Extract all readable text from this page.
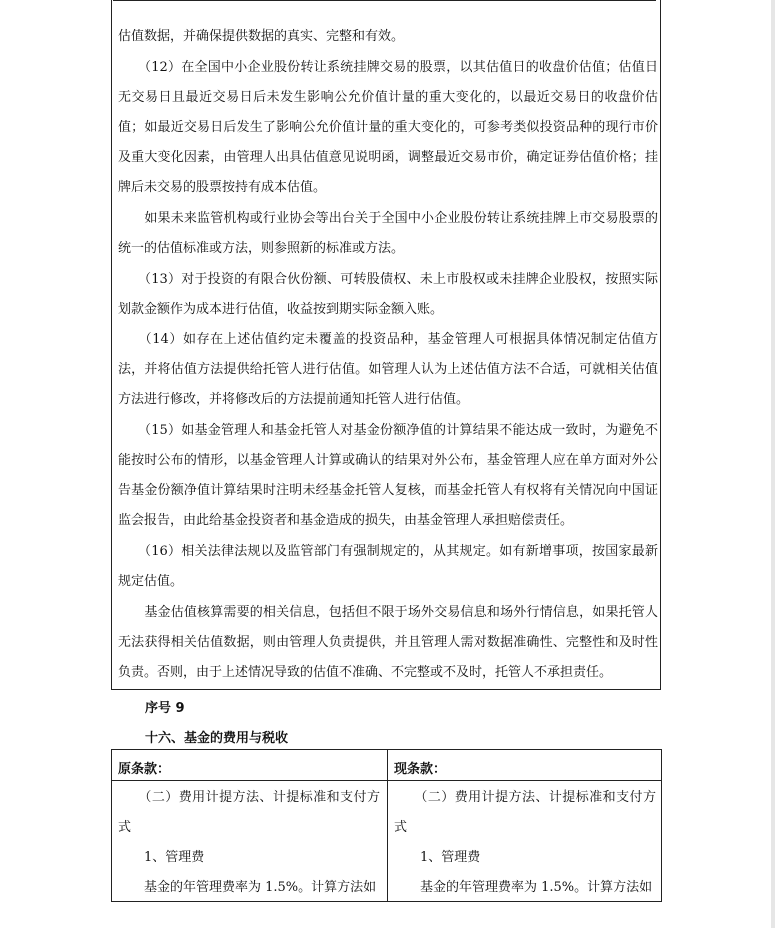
估值数据，并确保提供数据的真实、完整和有效。

　　（12）在全国中小企业股份转让系统挂牌交易的股票，以其估值日的收盘价估值；估值日无交易日且最近交易日后未发生影响公允价值计量的重大变化的，以最近交易日的收盘价估值；如最近交易日后发生了影响公允价值计量的重大变化的，可参考类似投资品种的现行市价及重大变化因素，由管理人出具估值意见说明函，调整最近交易市价，确定证券估值价格；挂牌后未交易的股票按持有成本估值。

　　如果未来监管机构或行业协会等出台关于全国中小企业股份转让系统挂牌上市交易股票的统一的估值标准或方法，则参照新的标准或方法。

　　（13）对于投资的有限合伙份额、可转股债权、未上市股权或未挂牌企业股权，按照实际划款金额作为成本进行估值，收益按到期实际金额入账。

　　（14）如存在上述估值约定未覆盖的投资品种，基金管理人可根据具体情况制定估值方法，并将估值方法提供给托管人进行估值。如管理人认为上述估值方法不合适，可就相关估值方法进行修改，并将修改后的方法提前通知托管人进行估值。

　　（15）如基金管理人和基金托管人对基金份额净值的计算结果不能达成一致时，为避免不能按时公布的情形，以基金管理人计算或确认的结果对外公布，基金管理人应在单方面对外公告基金份额净值计算结果时注明未经基金托管人复核，而基金托管人有权将有关情况向中国证监会报告，由此给基金投资者和基金造成的损失，由基金管理人承担赔偿责任。

　　（16）相关法律法规以及监管部门有强制规定的，从其规定。如有新增事项，按国家最新规定估值。

　　基金估值核算需要的相关信息，包括但不限于场外交易信息和场外行情信息，如果托管人无法获得相关估值数据，则由管理人负责提供，并且管理人需对数据准确性、完整性和及时性负责。否则，由于上述情况导致的估值不准确、不完整或不及时，托管人不承担责任。

序号 9

十六、基金的费用与税收

原条款：	现条款：

　　（二）费用计提方法、计提标准和支付方式

　　1、管理费

　　基金的年管理费率为 1.5%。计算方法如

　　（二）费用计提方法、计提标准和支付方式

　　1、管理费

　　基金的年管理费率为 1.5%。计算方法如
